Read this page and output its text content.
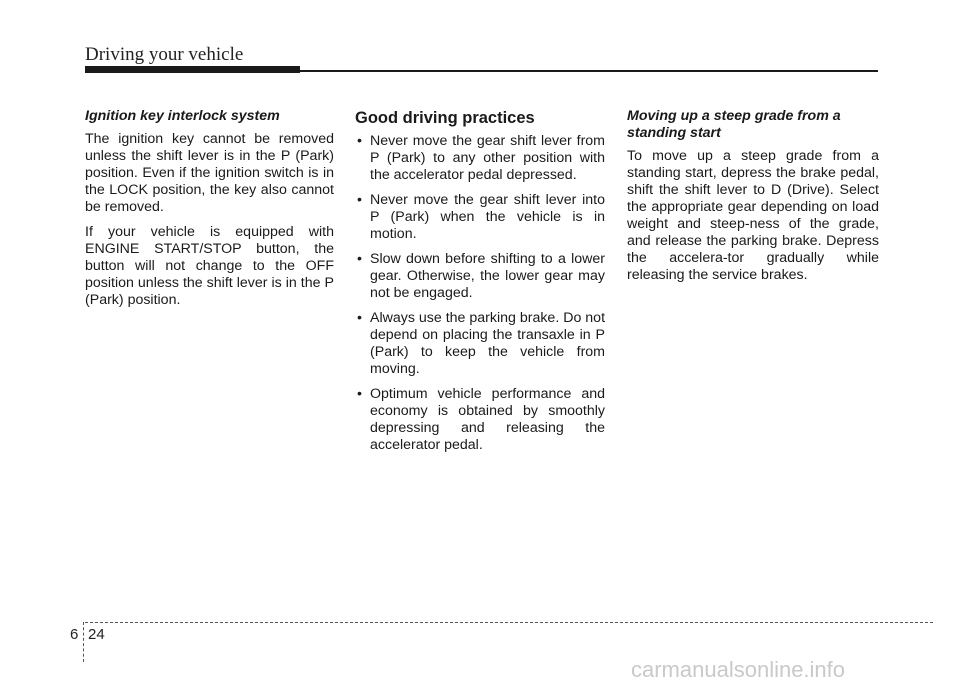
Driving your vehicle
Ignition key interlock system

The ignition key cannot be removed unless the shift lever is in the P (Park) position. Even if the ignition switch is in the LOCK position, the key also cannot be removed.

If your vehicle is equipped with ENGINE START/STOP button, the button will not change to the OFF position unless the shift lever is in the P (Park) position.

Good driving practices
• Never move the gear shift lever from P (Park) to any other position with the accelerator pedal depressed.
• Never move the gear shift lever into P (Park) when the vehicle is in motion.
• Slow down before shifting to a lower gear. Otherwise, the lower gear may not be engaged.
• Always use the parking brake. Do not depend on placing the transaxle in P (Park) to keep the vehicle from moving.
• Optimum vehicle performance and economy is obtained by smoothly depressing and releasing the accelerator pedal.
Moving up a steep grade from a standing start

To move up a steep grade from a standing start, depress the brake pedal, shift the shift lever to D (Drive). Select the appropriate gear depending on load weight and steep-ness of the grade, and release the parking brake. Depress the accelera-tor gradually while releasing the service brakes.

6 24
carmanualsonline.info
